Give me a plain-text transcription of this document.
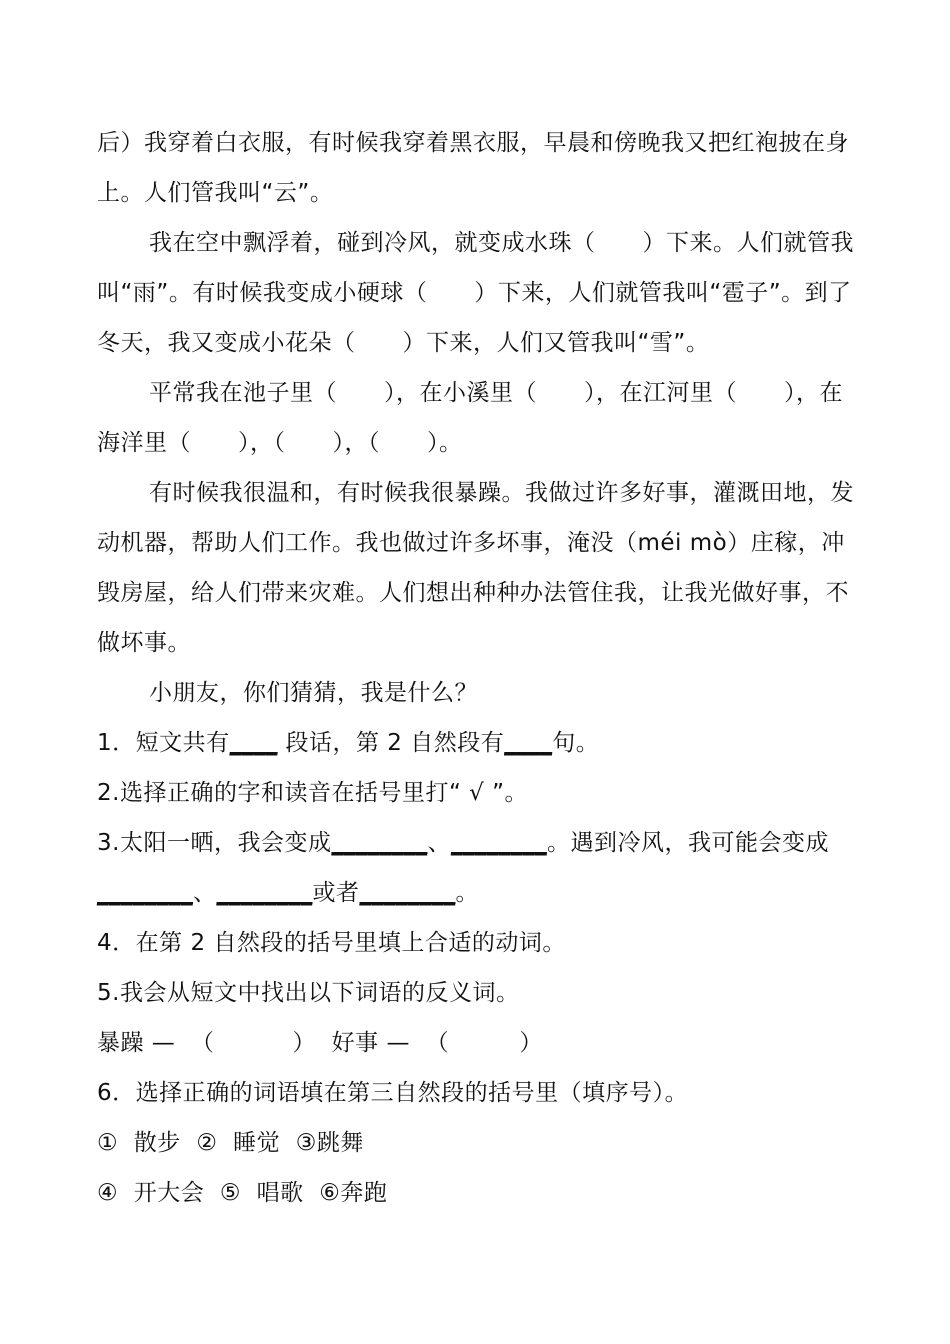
后）我穿着白衣服，有时候我穿着黑衣服，早晨和傍晚我又把红袍披在身上。人们管我叫“云”。

我在空中飘浮着，碰到冷风，就变成水珠（　　）下来。人们就管我叫“雨”。有时候我变成小硬球（　　）下来，人们就管我叫“雹子”。到了冬天，我又变成小花朵（　　）下来，人们又管我叫“雪”。

平常我在池子里（　　），在小溪里（　　），在江河里（　　），在海洋里（　　），（　　），（　　）。

有时候我很温和，有时候我很暴躁。我做过许多好事，灌溉田地，发动机器，帮助人们工作。我也做过许多坏事，淹没（méi mò）庄稼，冲毁房屋，给人们带来灾难。人们想出种种办法管住我，让我光做好事，不做坏事。

小朋友，你们猜猜，我是什么？

1．短文共有____ 段话，第 2 自然段有____句。

2.选择正确的字和读音在括号里打“ √ ”。

3.太阳一晒，我会变成________、________。遇到冷风，我可能会变成________、________或者________。

4．在第 2 自然段的括号里填上合适的动词。

5.我会从短文中找出以下词语的反义词。

暴躁 —  （          ）  好事 —  （         ）

6．选择正确的词语填在第三自然段的括号里（填序号）。

①  散步  ②  睡觉  ③跳舞

④  开大会  ⑤  唱歌  ⑥奔跑
